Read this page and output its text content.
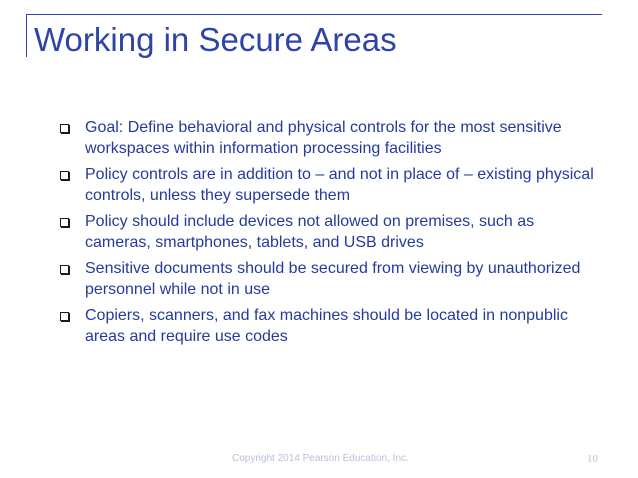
Working in Secure Areas
Goal: Define behavioral and physical controls for the most sensitive workspaces within information processing facilities
Policy controls are in addition to – and not in place of – existing physical controls, unless they supersede them
Policy should include devices not allowed on premises, such as cameras, smartphones, tablets, and USB drives
Sensitive documents should be secured from viewing by unauthorized personnel while not in use
Copiers, scanners, and fax machines should be located in nonpublic areas and require use codes
Copyright 2014 Pearson Education, Inc.	10
